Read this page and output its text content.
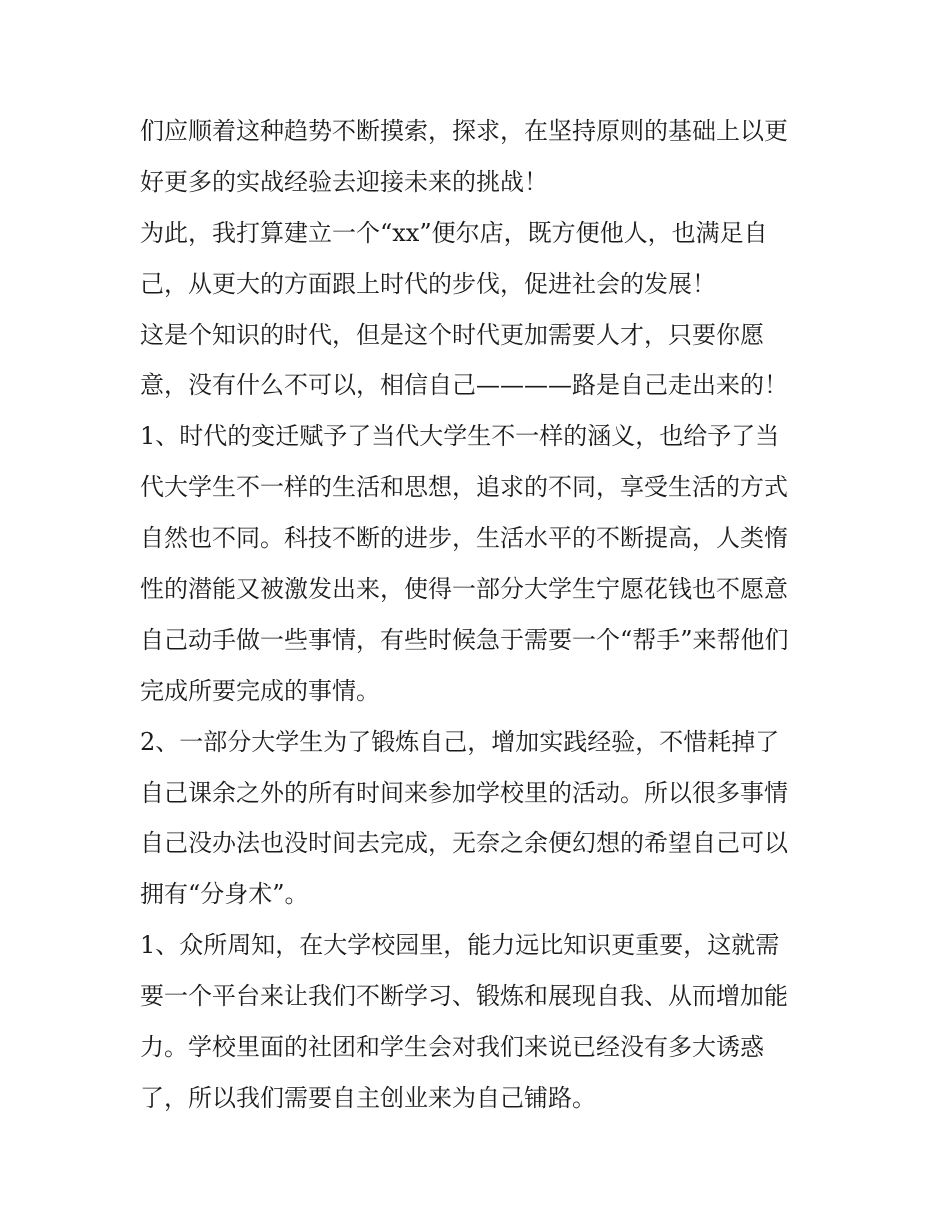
们应顺着这种趋势不断摸索，探求，在坚持原则的基础上以更
好更多的实战经验去迎接未来的挑战！

为此，我打算建立一个“xx”便尔店，既方便他人，也满足自
己，从更大的方面跟上时代的步伐，促进社会的发展！

这是个知识的时代，但是这个时代更加需要人才，只要你愿
意，没有什么不可以，相信自己————路是自己走出来的！

1、时代的变迁赋予了当代大学生不一样的涵义，也给予了当
代大学生不一样的生活和思想，追求的不同，享受生活的方式
自然也不同。科技不断的进步，生活水平的不断提高，人类惰
性的潜能又被激发出来，使得一部分大学生宁愿花钱也不愿意
自己动手做一些事情，有些时候急于需要一个“帮手”来帮他们
完成所要完成的事情。

2、一部分大学生为了锻炼自己，增加实践经验，不惜耗掉了
自己课余之外的所有时间来参加学校里的活动。所以很多事情
自己没办法也没时间去完成，无奈之余便幻想的希望自己可以
拥有“分身术”。

1、众所周知，在大学校园里，能力远比知识更重要，这就需
要一个平台来让我们不断学习、锻炼和展现自我、从而增加能
力。学校里面的社团和学生会对我们来说已经没有多大诱惑
了，所以我们需要自主创业来为自己铺路。
